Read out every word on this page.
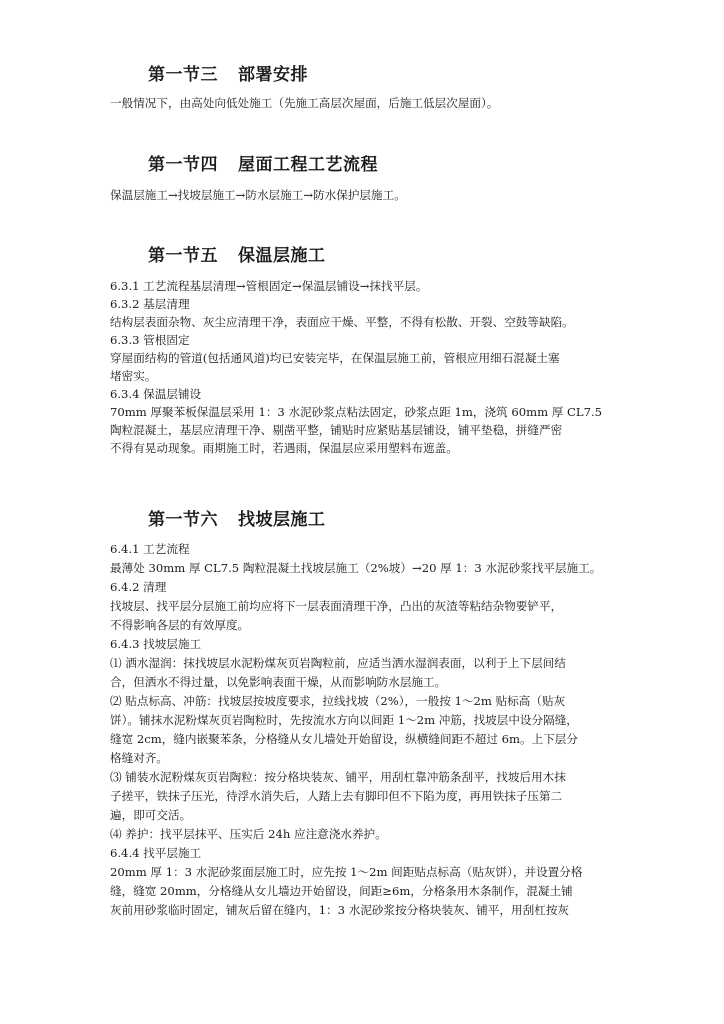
第一节三 部署安排
一般情况下，由高处向低处施工（先施工高层次屋面，后施工低层次屋面）。
第一节四 屋面工程工艺流程
保温层施工→找坡层施工→防水层施工→防水保护层施工。
第一节五 保温层施工
6.3.1 工艺流程基层清理→管根固定→保温层铺设→抹找平层。
6.3.2 基层清理
结构层表面杂物、灰尘应清理干净，表面应干燥、平整，不得有松散、开裂、空鼓等缺陷。
6.3.3 管根固定
穿屋面结构的管道(包括通风道)均已安装完毕，在保温层施工前，管根应用细石混凝土塞
堵密实。
6.3.4 保温层铺设
70mm 厚聚苯板保温层采用 1：3 水泥砂浆点粘法固定，砂浆点距 1m，浇筑 60mm 厚 CL7.5
陶粒混凝土，基层应清理干净、剔凿平整，铺贴时应紧贴基层铺设，铺平垫稳，拼缝严密
不得有晃动现象。雨期施工时，若遇雨，保温层应采用塑料布遮盖。
第一节六 找坡层施工
6.4.1 工艺流程
最薄处 30mm 厚 CL7.5 陶粒混凝土找坡层施工（2%坡）→20 厚 1：3 水泥砂浆找平层施工。
6.4.2 清理
找坡层、找平层分层施工前均应将下一层表面清理干净，凸出的灰渣等粘结杂物要铲平，
不得影响各层的有效厚度。
6.4.3 找坡层施工
⑴ 洒水湿润：抹找坡层水泥粉煤灰页岩陶粒前，应适当洒水湿润表面，以利于上下层间结
合，但洒水不得过量，以免影响表面干燥，从而影响防水层施工。
⑵ 贴点标高、冲筋：找坡层按坡度要求，拉线找坡（2%），一般按 1～2m 贴标高（贴灰
饼）。铺抹水泥粉煤灰页岩陶粒时，先按流水方向以间距 1～2m 冲筋，找坡层中设分隔缝，
缝宽 2cm，缝内嵌聚苯条，分格缝从女儿墙处开始留设，纵横缝间距不超过 6m。上下层分
格缝对齐。
⑶ 铺装水泥粉煤灰页岩陶粒：按分格块装灰、铺平，用刮杠靠冲筋条刮平，找坡后用木抹
子搓平，铁抹子压光，待浮水消失后，人踏上去有脚印但不下陷为度，再用铁抹子压第二
遍，即可交活。
⑷ 养护：找平层抹平、压实后 24h 应注意浇水养护。
6.4.4 找平层施工
20mm 厚 1：3 水泥砂浆面层施工时，应先按 1～2m 间距贴点标高（贴灰饼），并设置分格
缝，缝宽 20mm，分格缝从女儿墙边开始留设，间距≥6m，分格条用木条制作，混凝土铺
灰前用砂浆临时固定，铺灰后留在缝内，1：3 水泥砂浆按分格块装灰、铺平，用刮杠按灰
